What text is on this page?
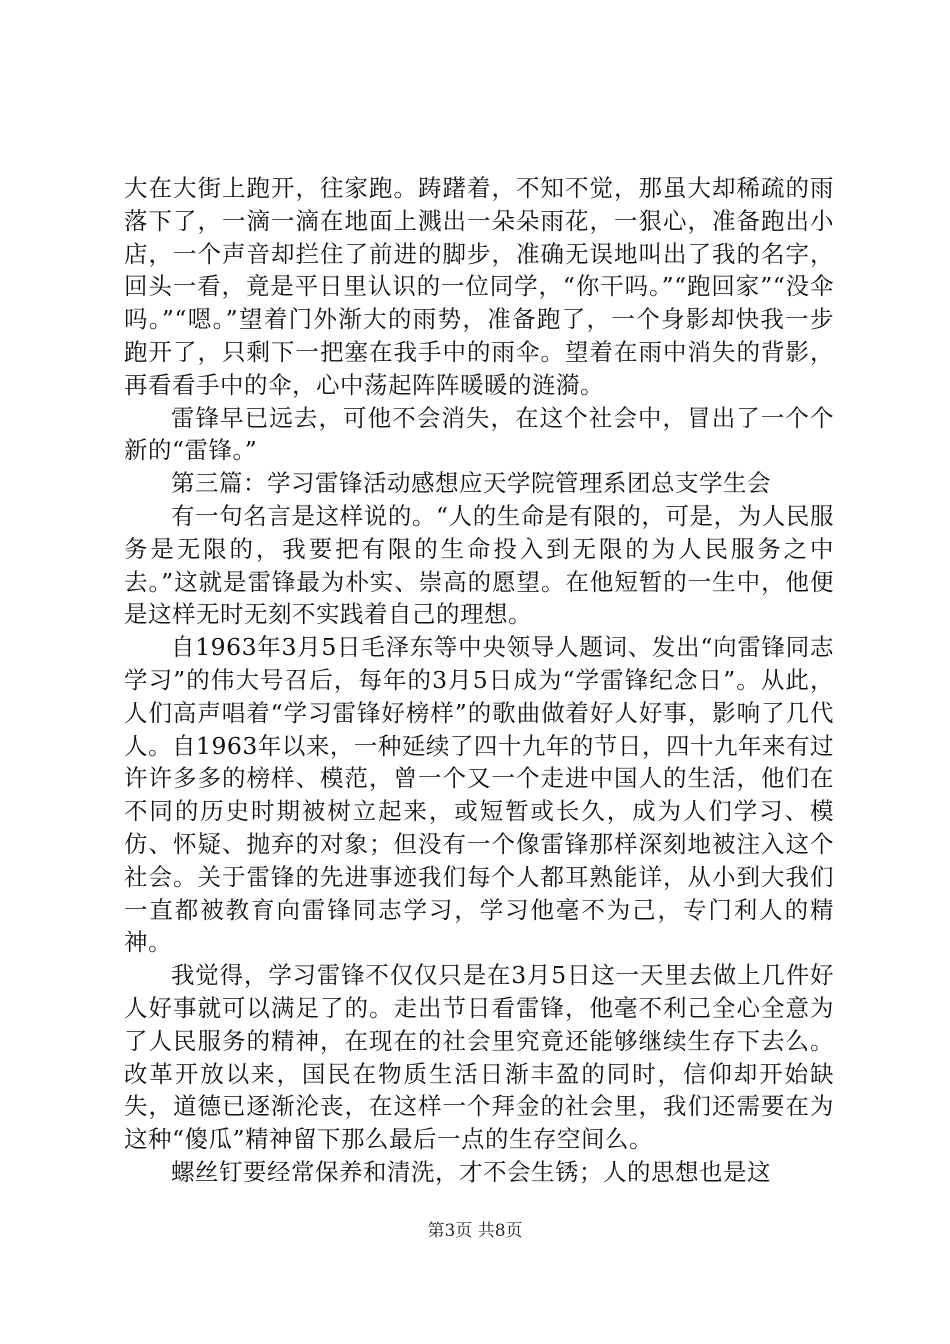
大在大街上跑开，往家跑。踌躇着，不知不觉，那虽大却稀疏的雨落下了，一滴一滴在地面上溅出一朵朵雨花，一狠心，准备跑出小店，一个声音却拦住了前进的脚步，准确无误地叫出了我的名字，回头一看，竟是平日里认识的一位同学，“你干吗。”“跑回家”“没伞吗。”“嗯。”望着门外渐大的雨势，准备跑了，一个身影却快我一步跑开了，只剩下一把塞在我手中的雨伞。望着在雨中消失的背影，再看看手中的伞，心中荡起阵阵暖暖的涟漪。

雷锋早已远去，可他不会消失，在这个社会中，冒出了一个个新的“雷锋。”

第三篇：学习雷锋活动感想应天学院管理系团总支学生会

有一句名言是这样说的。“人的生命是有限的，可是，为人民服务是无限的，我要把有限的生命投入到无限的为人民服务之中去。”这就是雷锋最为朴实、崇高的愿望。在他短暂的一生中，他便是这样无时无刻不实践着自己的理想。

自1963年3月5日毛泽东等中央领导人题词、发出“向雷锋同志学习”的伟大号召后，每年的3月5日成为“学雷锋纪念日”。从此，人们高声唱着“学习雷锋好榜样”的歌曲做着好人好事，影响了几代人。自1963年以来，一种延续了四十九年的节日，四十九年来有过许许多多的榜样、模范，曾一个又一个走进中国人的生活，他们在不同的历史时期被树立起来，或短暂或长久，成为人们学习、模仿、怀疑、抛弃的对象；但没有一个像雷锋那样深刻地被注入这个社会。关于雷锋的先进事迹我们每个人都耳熟能详，从小到大我们一直都被教育向雷锋同志学习，学习他毫不为己，专门利人的精神。

我觉得，学习雷锋不仅仅只是在3月5日这一天里去做上几件好人好事就可以满足了的。走出节日看雷锋，他毫不利己全心全意为了人民服务的精神，在现在的社会里究竟还能够继续生存下去么。改革开放以来，国民在物质生活日渐丰盈的同时，信仰却开始缺失，道德已逐渐沦丧，在这样一个拜金的社会里，我们还需要在为这种“傻瓜”精神留下那么最后一点的生存空间么。

螺丝钉要经常保养和清洗，才不会生锈；人的思想也是这

第3页 共8页
